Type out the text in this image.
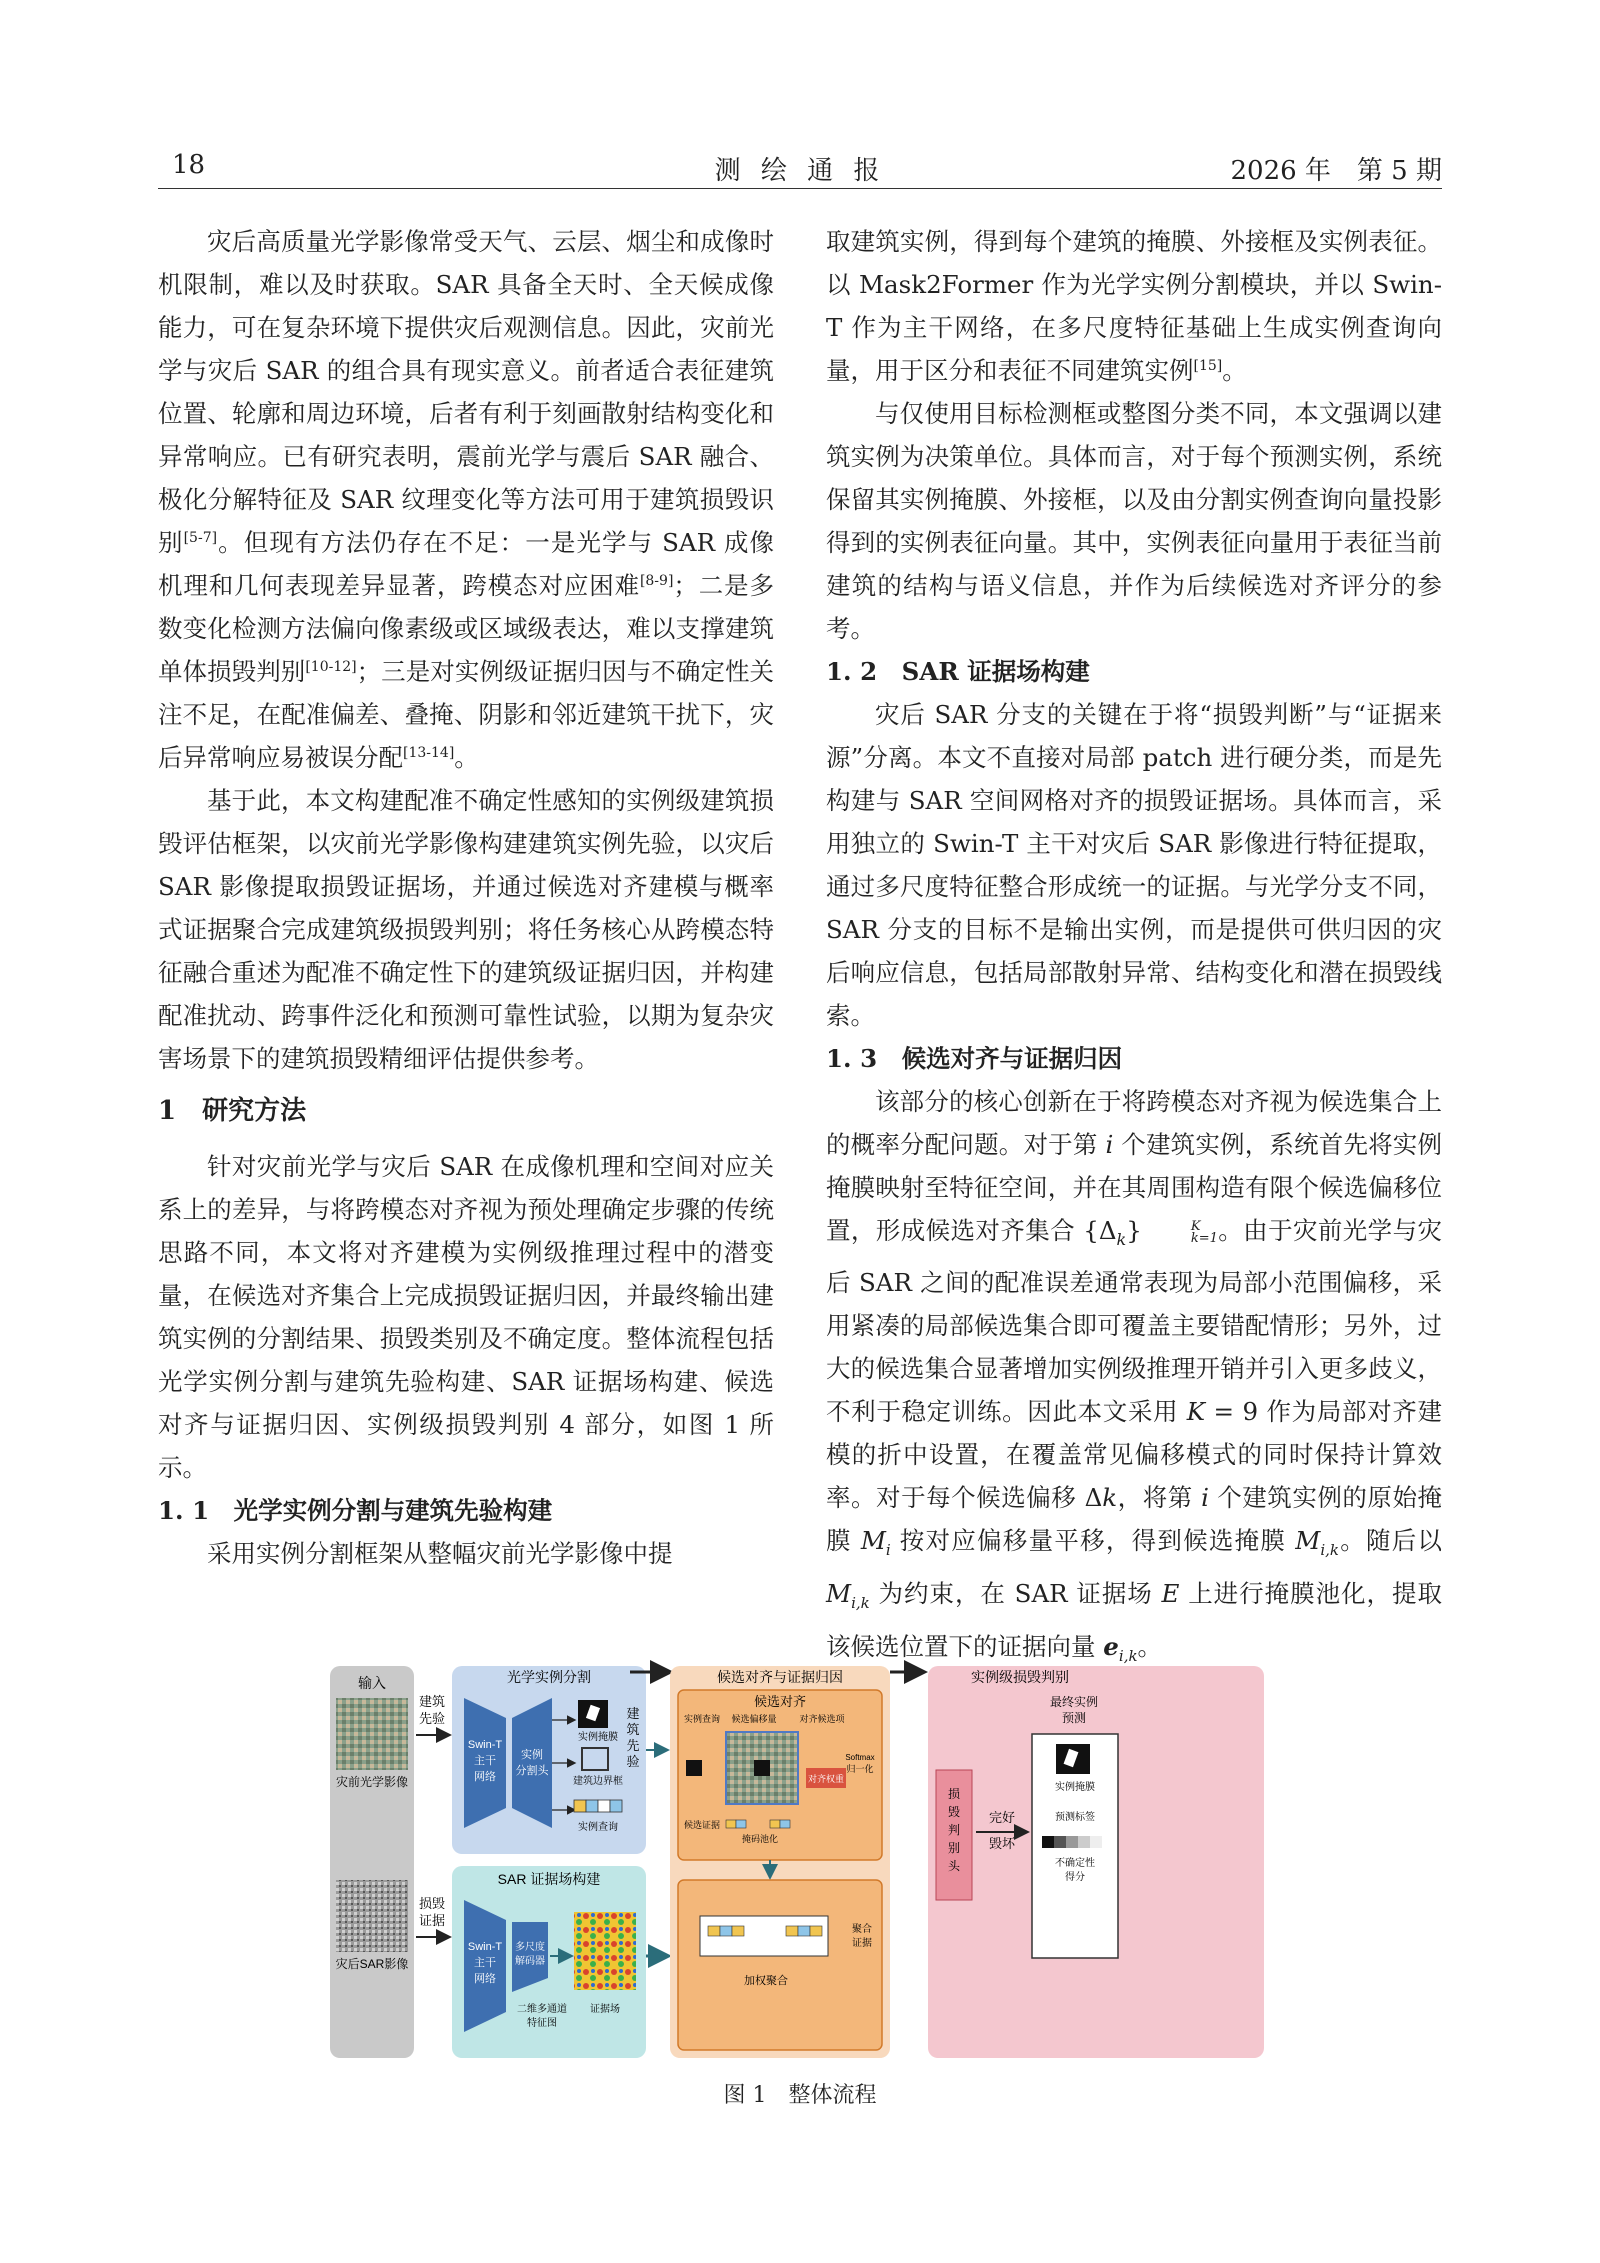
18	测 绘 通 报	2026 年　第 5 期

灾后高质量光学影像常受天气、云层、烟尘和成像时机限制，难以及时获取。SAR 具备全天时、全天候成像能力，可在复杂环境下提供灾后观测信息。因此，灾前光学与灾后 SAR 的组合具有现实意义。前者适合表征建筑位置、轮廓和周边环境，后者有利于刻画散射结构变化和异常响应。已有研究表明，震前光学与震后 SAR 融合、极化分解特征及 SAR 纹理变化等方法可用于建筑损毁识别[5-7]。但现有方法仍存在不足：一是光学与 SAR 成像机理和几何表现差异显著，跨模态对应困难[8-9]；二是多数变化检测方法偏向像素级或区域级表达，难以支撑建筑单体损毁判别[10-12]；三是对实例级证据归因与不确定性关注不足，在配准偏差、叠掩、阴影和邻近建筑干扰下，灾后异常响应易被误分配[13-14]。

基于此，本文构建配准不确定性感知的实例级建筑损毁评估框架，以灾前光学影像构建建筑实例先验，以灾后 SAR 影像提取损毁证据场，并通过候选对齐建模与概率式证据聚合完成建筑级损毁判别；将任务核心从跨模态特征融合重述为配准不确定性下的建筑级证据归因，并构建配准扰动、跨事件泛化和预测可靠性试验，以期为复杂灾害场景下的建筑损毁精细评估提供参考。

1　研究方法

针对灾前光学与灾后 SAR 在成像机理和空间对应关系上的差异，与将跨模态对齐视为预处理确定步骤的传统思路不同，本文将对齐建模为实例级推理过程中的潜变量，在候选对齐集合上完成损毁证据归因，并最终输出建筑实例的分割结果、损毁类别及不确定度。整体流程包括光学实例分割与建筑先验构建、SAR 证据场构建、候选对齐与证据归因、实例级损毁判别 4 部分，如图 1 所示。

1. 1　光学实例分割与建筑先验构建

采用实例分割框架从整幅灾前光学影像中提

取建筑实例，得到每个建筑的掩膜、外接框及实例表征。以 Mask2Former 作为光学实例分割模块，并以 Swin-T 作为主干网络，在多尺度特征基础上生成实例查询向量，用于区分和表征不同建筑实例[15]。

与仅使用目标检测框或整图分类不同，本文强调以建筑实例为决策单位。具体而言，对于每个预测实例，系统保留其实例掩膜、外接框，以及由分割实例查询向量投影得到的实例表征向量。其中，实例表征向量用于表征当前建筑的结构与语义信息，并作为后续候选对齐评分的参考。

1. 2　SAR 证据场构建

灾后 SAR 分支的关键在于将“损毁判断”与“证据来源”分离。本文不直接对局部 patch 进行硬分类，而是先构建与 SAR 空间网格对齐的损毁证据场。具体而言，采用独立的 Swin-T 主干对灾后 SAR 影像进行特征提取，通过多尺度特征整合形成统一的证据。与光学分支不同，SAR 分支的目标不是输出实例，而是提供可供归因的灾后响应信息，包括局部散射异常、结构变化和潜在损毁线索。

1. 3　候选对齐与证据归因

该部分的核心创新在于将跨模态对齐视为候选集合上的概率分配问题。对于第 i 个建筑实例，系统首先将实例掩膜映射至特征空间，并在其周围构造有限个候选偏移位置，形成候选对齐集合 $\{\Delta_k\}$	K
k=1 。由于灾前光学与灾后 SAR 之间的配准误差通常表现为局部小范围偏移，采用紧凑的局部候选集合即可覆盖主要错配情形；另外，过大的候选集合显著增加实例级推理开销并引入更多歧义，不利于稳定训练。因此本文采用 K = 9 作为局部对齐建模的折中设置，在覆盖常见偏移模式的同时保持计算效率。对于每个候选偏移 Δk，将第 i 个建筑实例的原始掩膜 $M_i$ 按对应偏移量平移，得到候选掩膜 $M_{i,k}$。随后以 $M_{i,k}$ 为约束，在 SAR 证据场 E 上进行掩膜池化，提取该候选位置下的证据向量 $e_{i,k}$。

输入
灾前光学影像
灾后SAR影像
建筑
先验
损毁
证据
光学实例分割
Swin-T
主干
网络
实例
分割头
实例掩膜
建筑边界框
实例查询
建
筑
先
验
SAR 证据场构建
Swin-T
主干
网络
多尺度
解码器
二维多通道
特征图
证据场
候选对齐与证据归因
候选对齐
实例查询 候选偏移量	对齐候选项
对齐权重
Softmax
归一化
候选证据
掩码池化
加权聚合
聚合
证据
实例级损毁判别
损
毁
判
别
头
完好
毁坏
最终实例
预测
实例掩膜
预测标签
不确定性
得分
图 1　整体流程
